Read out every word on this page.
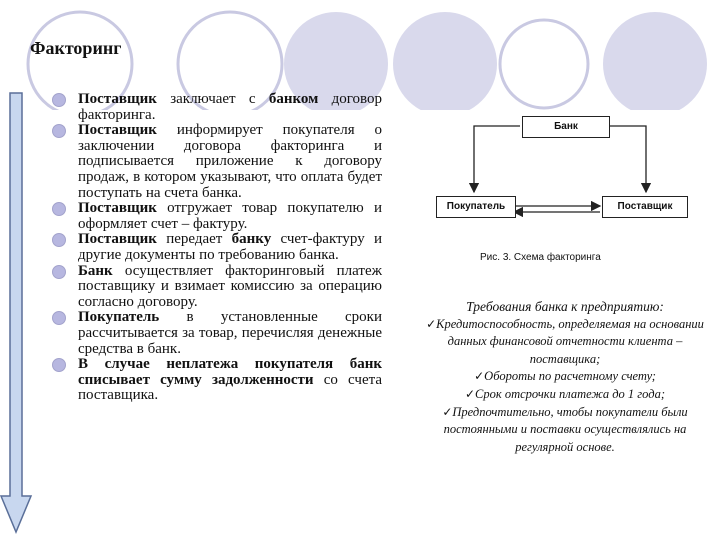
Факторинг
Поставщик заключает с банком договор факторинга.
Поставщик информирует покупателя о заключении договора факторинга и подписывается приложение к договору продаж, в котором указывают, что оплата будет поступать на счета банка.
Поставщик отгружает товар покупателю и оформляет счет – фактуру.
Поставщик передает банку счет-фактуру и другие документы по требованию банка.
Банк осуществляет факторинговый платеж поставщику и взимает комиссию за операцию согласно договору.
Покупатель в установленные сроки рассчитывается за товар, перечисляя денежные средства в банк.
В случае неплатежа покупателя банк списывает сумму задолженности со счета поставщика.
Банк
Покупатель	Поставщик
Рис. 3. Схема факторинга
Требования банка к предприятию:
✓Кредитоспособность, определяемая на основании данных финансовой отчетности клиента – поставщика;
✓Обороты по расчетному счету;
✓Срок отсрочки платежа до 1 года;
✓Предпочтительно, чтобы покупатели были постоянными и поставки осуществлялись на регулярной основе.
